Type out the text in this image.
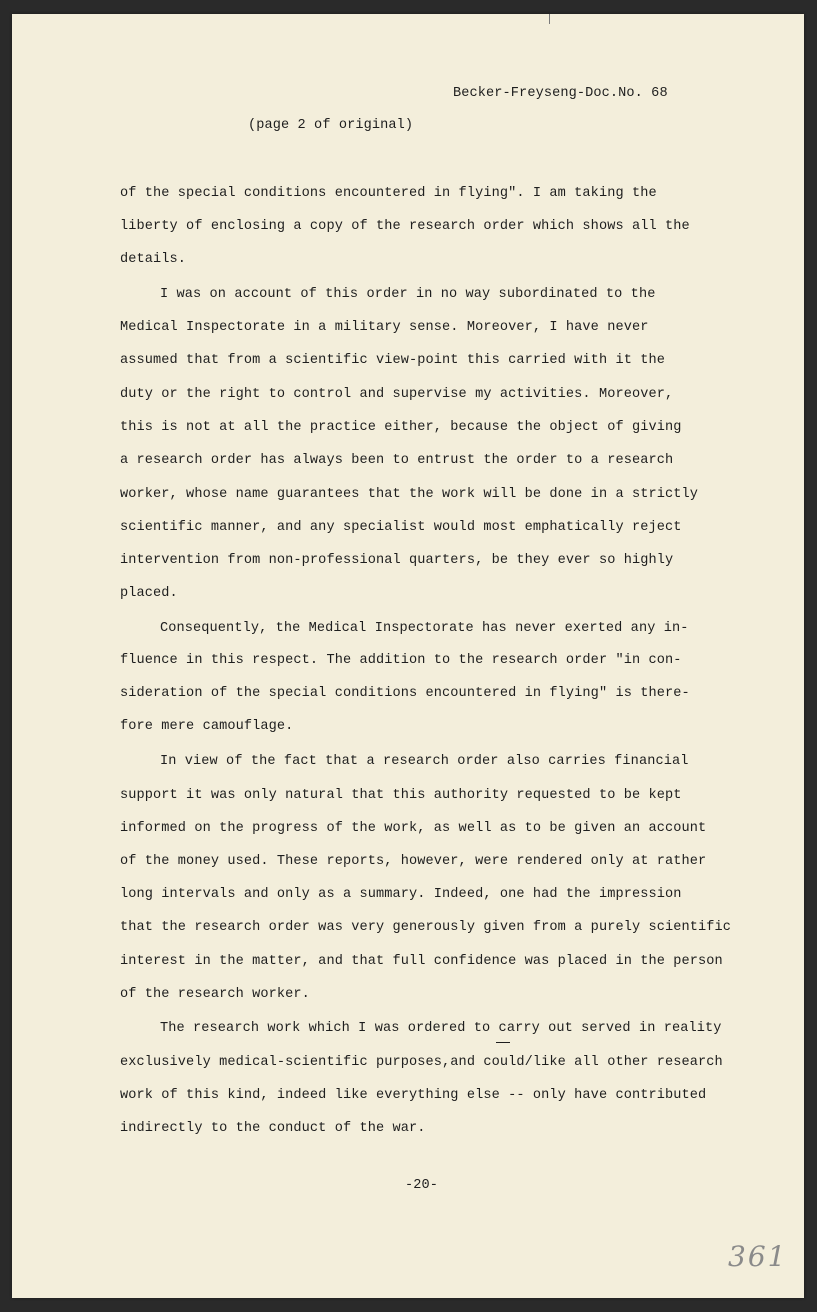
Becker-Freyseng-Doc.No. 68
(page 2 of original)
of the special conditions encountered in flying". I am taking the
liberty of enclosing a copy of the research order which shows all the
details.
I was on account of this order in no way subordinated to the
Medical Inspectorate in a military sense. Moreover, I have never
assumed that from a scientific view-point this carried with it the
duty or the right to control and supervise my activities. Moreover,
this is not at all the practice either, because the object of giving
a research order has always been to entrust the order to a research
worker, whose name guarantees that the work will be done in a strictly
scientific manner, and any specialist would most emphatically reject
intervention from non-professional quarters, be they ever so highly
placed.
Consequently, the Medical Inspectorate has never exerted any in-
fluence in this respect. The addition to the research order "in con-
sideration of the special conditions encountered in flying" is there-
fore mere camouflage.
In view of the fact that a research order also carries financial
support it was only natural that this authority requested to be kept
informed on the progress of the work, as well as to be given an account
of the money used. These reports, however, were rendered only at rather
long intervals and only as a summary. Indeed, one had the impression
that the research order was very generously given from a purely scientific
interest in the matter, and that full confidence was placed in the person
of the research worker.
The research work which I was ordered to carry out served in reality
exclusively medical-scientific purposes,and could/like all other research
work of this kind, indeed like everything else -- only have contributed
indirectly to the conduct of the war.
-20-
361
